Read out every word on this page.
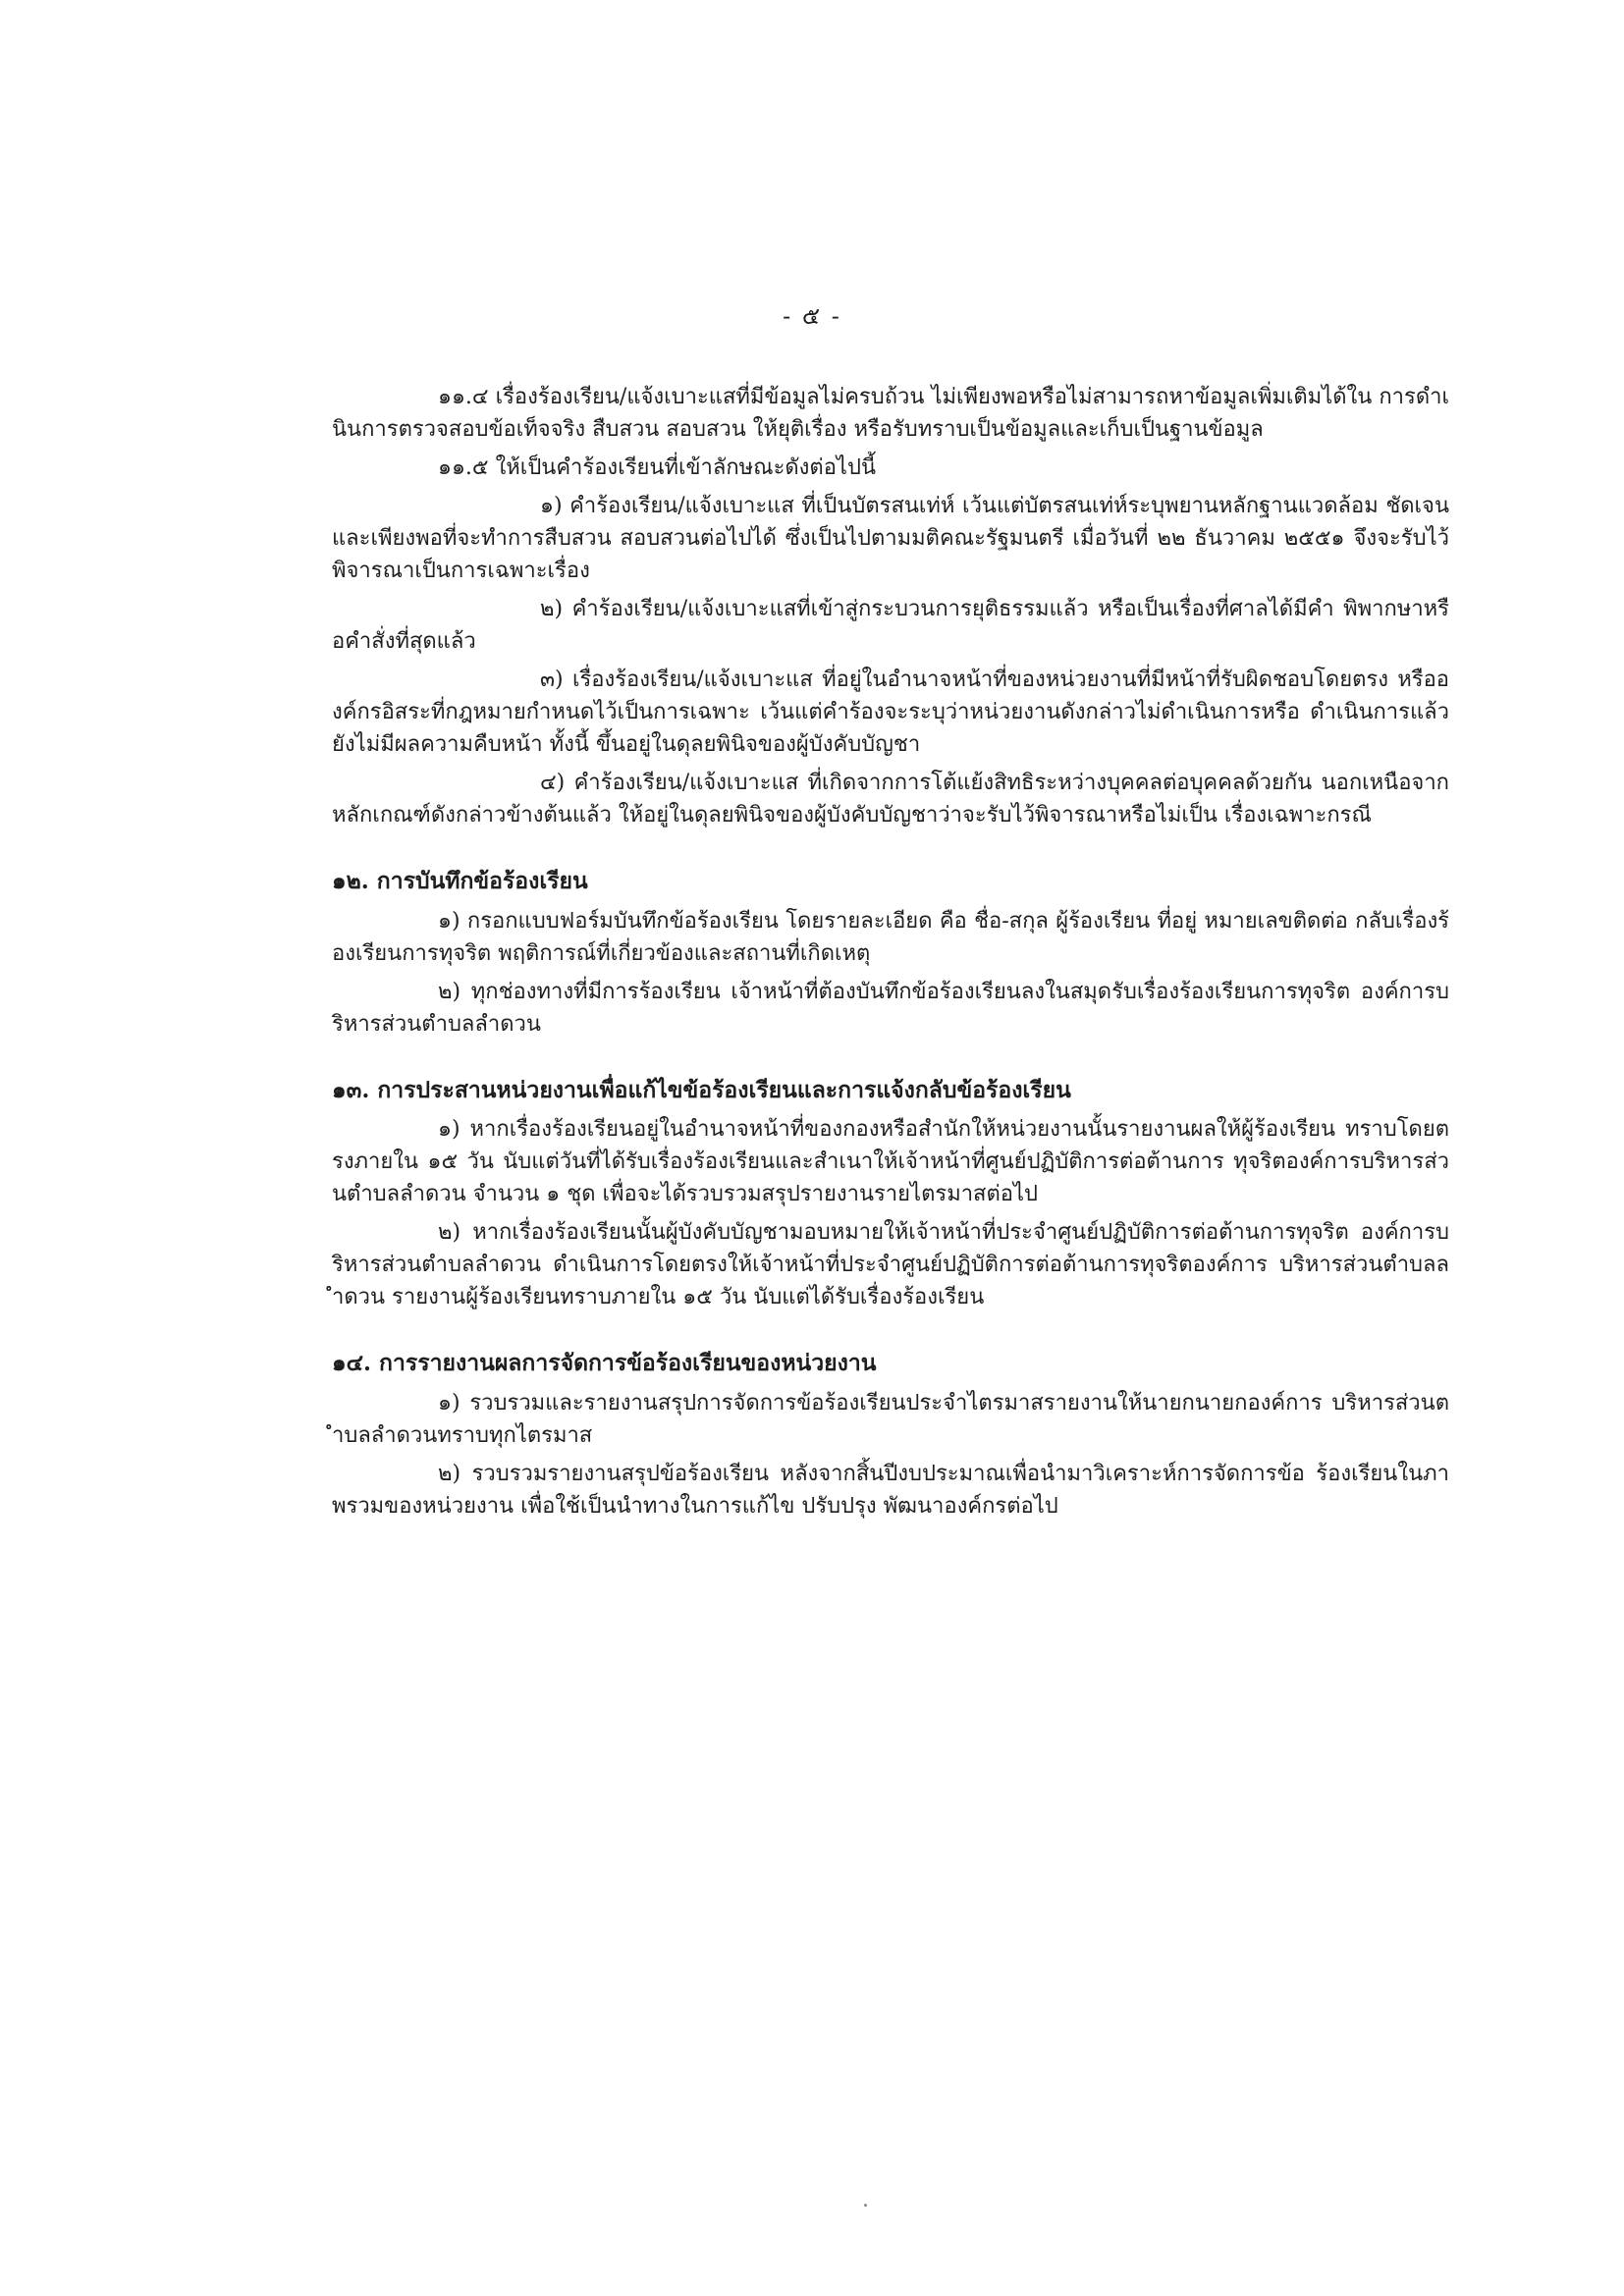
- ๕ -

๑๑.๔ เรื่องร้องเรียน/แจ้งเบาะแสที่มีข้อมูลไม่ครบถ้วน ไม่เพียงพอหรือไม่สามารถหาข้อมูลเพิ่มเติมได้ใน การดำเนินการตรวจสอบข้อเท็จจริง สืบสวน สอบสวน ให้ยุติเรื่อง หรือรับทราบเป็นข้อมูลและเก็บเป็นฐานข้อมูล

๑๑.๕ ให้เป็นคำร้องเรียนที่เข้าลักษณะดังต่อไปนี้

๑) คำร้องเรียน/แจ้งเบาะแส ที่เป็นบัตรสนเท่ห์ เว้นแต่บัตรสนเท่ห์ระบุพยานหลักฐานแวดล้อม ชัดเจนและเพียงพอที่จะทำการสืบสวน สอบสวนต่อไปได้ ซึ่งเป็นไปตามมติคณะรัฐมนตรี เมื่อวันที่ ๒๒ ธันวาคม ๒๕๕๑ จึงจะรับไว้พิจารณาเป็นการเฉพาะเรื่อง

๒) คำร้องเรียน/แจ้งเบาะแสที่เข้าสู่กระบวนการยุติธรรมแล้ว หรือเป็นเรื่องที่ศาลได้มีคำ พิพากษาหรือคำสั่งที่สุดแล้ว

๓) เรื่องร้องเรียน/แจ้งเบาะแส ที่อยู่ในอำนาจหน้าที่ของหน่วยงานที่มีหน้าที่รับผิดชอบโดยตรง หรือองค์กรอิสระที่กฎหมายกำหนดไว้เป็นการเฉพาะ เว้นแต่คำร้องจะระบุว่าหน่วยงานดังกล่าวไม่ดำเนินการหรือ ดำเนินการแล้วยังไม่มีผลความคืบหน้า ทั้งนี้ ขึ้นอยู่ในดุลยพินิจของผู้บังคับบัญชา

๔) คำร้องเรียน/แจ้งเบาะแส ที่เกิดจากการโต้แย้งสิทธิระหว่างบุคคลต่อบุคคลด้วยกัน นอกเหนือจากหลักเกณฑ์ดังกล่าวข้างต้นแล้ว ให้อยู่ในดุลยพินิจของผู้บังคับบัญชาว่าจะรับไว้พิจารณาหรือไม่เป็น เรื่องเฉพาะกรณี

๑๒. การบันทึกข้อร้องเรียน

๑) กรอกแบบฟอร์มบันทึกข้อร้องเรียน โดยรายละเอียด คือ ชื่อ-สกุล ผู้ร้องเรียน ที่อยู่ หมายเลขติดต่อ กลับเรื่องร้องเรียนการทุจริต พฤติการณ์ที่เกี่ยวข้องและสถานที่เกิดเหตุ

๒) ทุกช่องทางที่มีการร้องเรียน เจ้าหน้าที่ต้องบันทึกข้อร้องเรียนลงในสมุดรับเรื่องร้องเรียนการทุจริต องค์การบริหารส่วนตำบลลำดวน

๑๓. การประสานหน่วยงานเพื่อแก้ไขข้อร้องเรียนและการแจ้งกลับข้อร้องเรียน

๑) หากเรื่องร้องเรียนอยู่ในอำนาจหน้าที่ของกองหรือสำนักให้หน่วยงานนั้นรายงานผลให้ผู้ร้องเรียน ทราบโดยตรงภายใน ๑๕ วัน นับแต่วันที่ได้รับเรื่องร้องเรียนและสำเนาให้เจ้าหน้าที่ศูนย์ปฏิบัติการต่อต้านการ ทุจริตองค์การบริหารส่วนตำบลลำดวน จำนวน ๑ ชุด เพื่อจะได้รวบรวมสรุปรายงานรายไตรมาสต่อไป

๒) หากเรื่องร้องเรียนนั้นผู้บังคับบัญชามอบหมายให้เจ้าหน้าที่ประจำศูนย์ปฏิบัติการต่อต้านการทุจริต องค์การบริหารส่วนตำบลลำดวน ดำเนินการโดยตรงให้เจ้าหน้าที่ประจำศูนย์ปฏิบัติการต่อต้านการทุจริตองค์การ บริหารส่วนตำบลลำดวน รายงานผู้ร้องเรียนทราบภายใน ๑๕ วัน นับแต่ได้รับเรื่องร้องเรียน

๑๔. การรายงานผลการจัดการข้อร้องเรียนของหน่วยงาน

๑) รวบรวมและรายงานสรุปการจัดการข้อร้องเรียนประจำไตรมาสรายงานให้นายกนายกองค์การ บริหารส่วนตำบลลำดวนทราบทุกไตรมาส

๒) รวบรวมรายงานสรุปข้อร้องเรียน หลังจากสิ้นปีงบประมาณเพื่อนำมาวิเคราะห์การจัดการข้อ ร้องเรียนในภาพรวมของหน่วยงาน เพื่อใช้เป็นนำทางในการแก้ไข ปรับปรุง พัฒนาองค์กรต่อไป
